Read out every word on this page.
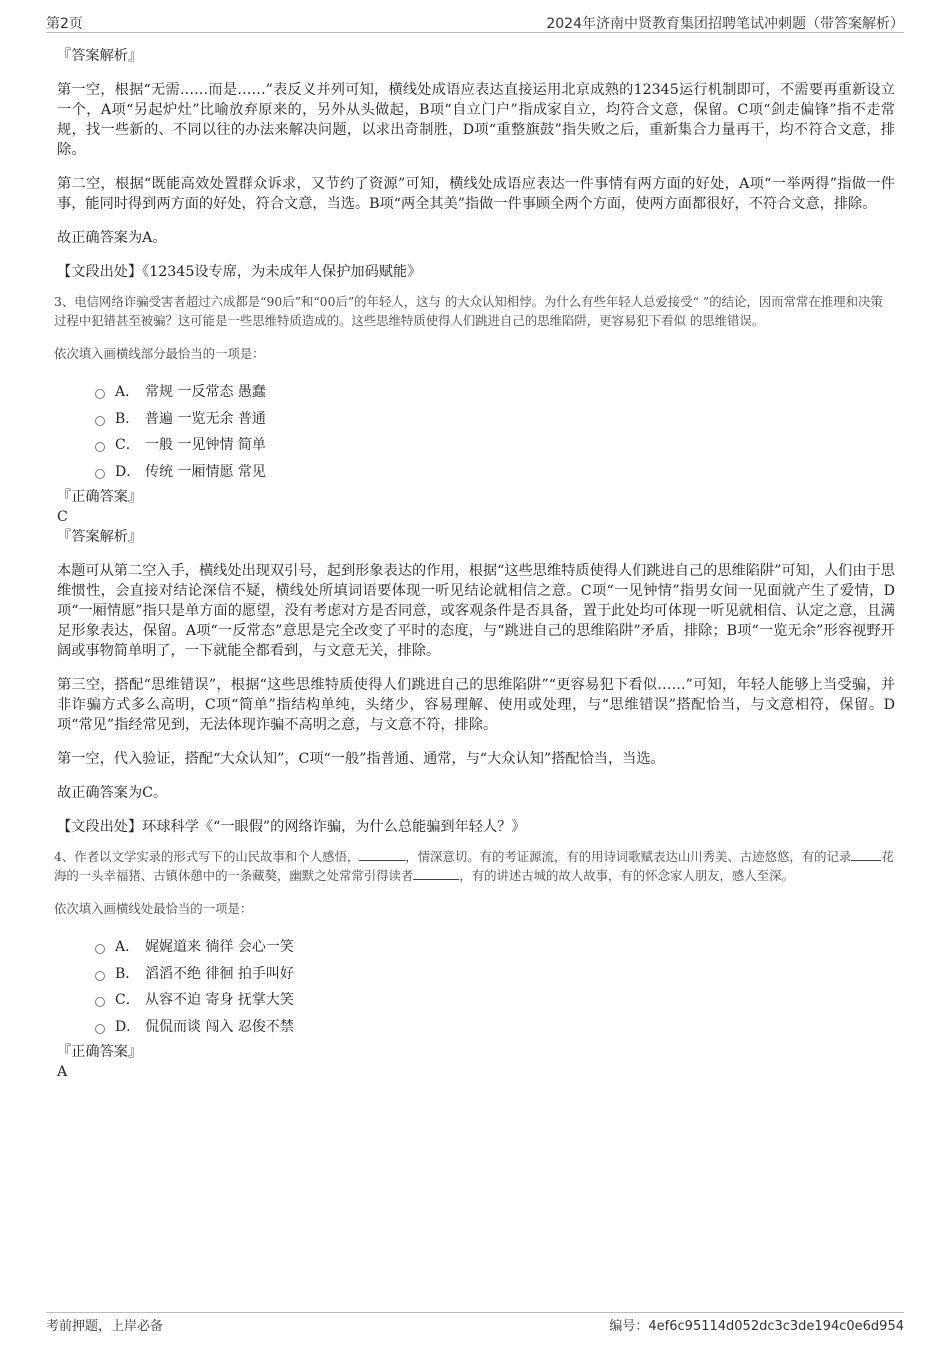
第2页	2024年济南中贤教育集团招聘笔试冲刺题（带答案解析）

『答案解析』

第一空，根据“无需……而是……”表反义并列可知，横线处成语应表达直接运用北京成熟的12345运行机制即可，不需要再重新设立一个，A项“另起炉灶”比喻放弃原来的，另外从头做起，B项“自立门户”指成家自立，均符合文意，保留。C项“剑走偏锋”指不走常规，找一些新的、不同以往的办法来解决问题，以求出奇制胜，D项“重整旗鼓”指失败之后，重新集合力量再干，均不符合文意，排除。

第二空，根据“既能高效处置群众诉求，又节约了资源”可知，横线处成语应表达一件事情有两方面的好处，A项“一举两得”指做一件事，能同时得到两方面的好处，符合文意，当选。B项“两全其美”指做一件事顾全两个方面，使两方面都很好，不符合文意，排除。

故正确答案为A。

【文段出处】《12345设专席，为未成年人保护加码赋能》

3、电信网络诈骗受害者超过六成都是“90后”和“00后”的年轻人，这与 的大众认知相悖。为什么有些年轻人总爱接受“ ”的结论，因而常常在推理和决策过程中犯错甚至被骗？这可能是一些思维特质造成的。这些思维特质使得人们跳进自己的思维陷阱，更容易犯下看似 的思维错误。

依次填入画横线部分最恰当的一项是：

A． 常规 一反常态 愚蠢
B． 普遍 一览无余 普通
C． 一般 一见钟情 简单
D． 传统 一厢情愿 常见

『正确答案』

C

『答案解析』

本题可从第二空入手，横线处出现双引号，起到形象表达的作用，根据“这些思维特质使得人们跳进自己的思维陷阱”可知，人们由于思维惯性，会直接对结论深信不疑，横线处所填词语要体现一听见结论就相信之意。C项“一见钟情”指男女间一见面就产生了爱情，D项“一厢情愿”指只是单方面的愿望，没有考虑对方是否同意，或客观条件是否具备，置于此处均可体现一听见就相信、认定之意，且满足形象表达，保留。A项“一反常态”意思是完全改变了平时的态度，与“跳进自己的思维陷阱”矛盾，排除；B项“一览无余”形容视野开阔或事物简单明了，一下就能全都看到，与文意无关，排除。

第三空，搭配“思维错误”，根据“这些思维特质使得人们跳进自己的思维陷阱”“更容易犯下看似……”可知，年轻人能够上当受骗，并非诈骗方式多么高明，C项“简单”指结构单纯，头绪少，容易理解、使用或处理，与“思维错误”搭配恰当，与文意相符，保留。D项“常见”指经常见到，无法体现诈骗不高明之意，与文意不符，排除。

第一空，代入验证，搭配“大众认知”，C项“一般”指普通、通常，与“大众认知”搭配恰当，当选。

故正确答案为C。

【文段出处】环球科学《“一眼假”的网络诈骗，为什么总能骗到年轻人？》

4、作者以文学实录的形式写下的山民故事和个人感悟，	，情深意切。有的考证源流，有的用诗词歌赋表达山川秀美、古迹悠悠，有的记录 花海的一头幸福猪、古镇休憩中的一条藏獒，幽默之处常常引得读者	，有的讲述古城的故人故事，有的怀念家人朋友，感人至深。

依次填入画横线处最恰当的一项是：

A． 娓娓道来 徜徉 会心一笑
B． 滔滔不绝 徘徊 拍手叫好
C． 从容不迫 寄身 抚掌大笑
D． 侃侃而谈 闯入 忍俊不禁

『正确答案』

A

考前押题，上岸必备	编号：4ef6c95114d052dc3c3de194c0e6d954
